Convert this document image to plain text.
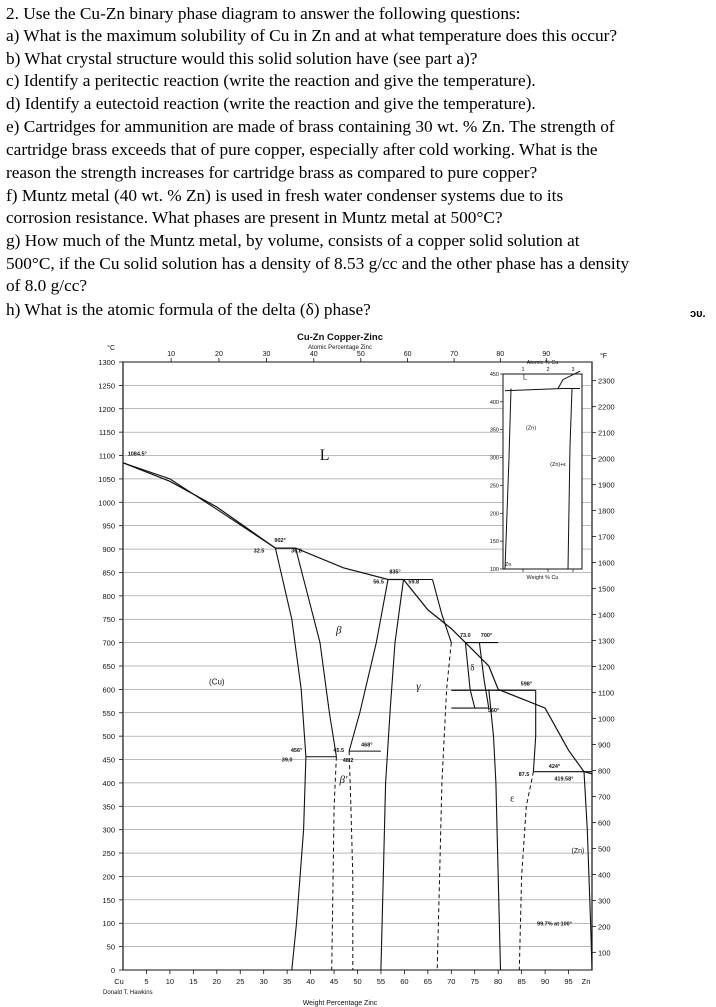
2. Use the Cu-Zn binary phase diagram to answer the following questions:

a) What is the maximum solubility of Cu in Zn and at what temperature does this occur?

b) What crystal structure would this solid solution have (see part a)?

c) Identify a peritectic reaction (write the reaction and give the temperature).

d) Identify a eutectoid reaction (write the reaction and give the temperature).

e) Cartridges for ammunition are made of brass containing 30 wt. % Zn. The strength of

cartridge brass exceeds that of pure copper, especially after cold working. What is the

reason the strength increases for cartridge brass as compared to pure copper?

f) Muntz metal (40 wt. % Zn) is used in fresh water condenser systems due to its

corrosion resistance. What phases are present in Muntz metal at 500°C?

g) How much of the Muntz metal, by volume, consists of a copper solid solution at

500°C, if the Cu solid solution has a density of 8.53 g/cc and the other phase has a density

of 8.0 g/cc?

h) What is the atomic formula of the delta (δ) phase?	ɔυ.
1300
1250
1200
1150
1100
1050
1000
950
900
850
800
750
700
650
600
550
500
450
400
350
300
250
200
150
100
50
0
2300
2200
2100
2000
1900
1800
1700
1600
1500
1400
1300
1200
1100
1000
900
800
700
600
500
400
300
200
100
5 10 15 20 25 30 35 40 45 50 55 60 65 70 75 80 85 90 95
10	20	30	40	50	60	70	80	90
Cu-Zn Copper-Zinc
Atomic Percentage Zinc
Weight Percentage Zinc
°C
°F
Cu	Zn
Donald T. Hawkins
L
(Cu)
β
β'
γ
δ
ε
(Zn)
1084.5°
902°
835°
32.5	36.8
56.5	59.8
700°
73.0
598°
560°
424°
456°
468°
45.5
48.2
39.0
87.5
419.58°
99.7% at 100°
450
400
350
300
250
200
150
100
1	2	3
Atomic % Cu
Weight % Cu
Zn
L
(Zn)
(Zn)+ε
